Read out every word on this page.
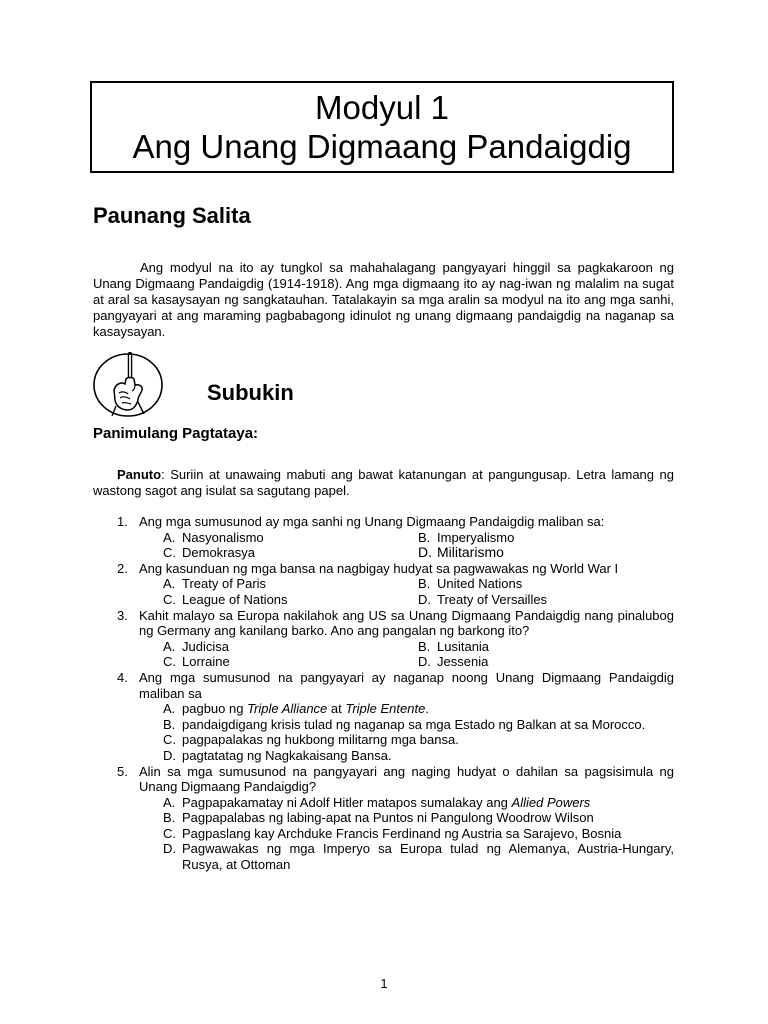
Modyul 1
Ang Unang Digmaang Pandaigdig
Paunang Salita

Ang modyul na ito ay tungkol sa mahahalagang pangyayari hinggil sa pagkakaroon ng Unang Digmaang Pandaigdig (1914-1918). Ang mga digmaang ito ay nag-iwan ng malalim na sugat at aral sa kasaysayan ng sangkatauhan. Tatalakayin sa mga aralin sa modyul na ito ang mga sanhi, pangyayari at ang maraming pagbabagong idinulot ng unang digmaang pandaigdig na naganap sa kasaysayan.

Subukin
Panimulang Pagtataya:

Panuto: Suriin at unawaing mabuti ang bawat katanungan at pangungusap. Letra lamang ng wastong sagot ang isulat sa sagutang papel.

1. Ang mga sumusunod ay mga sanhi ng Unang Digmaang Pandaigdig maliban sa:
A. Nasyonalismo	B. Imperyalismo
C. Demokrasya	D. Militarismo
2. Ang kasunduan ng mga bansa na nagbigay hudyat sa pagwawakas ng World War I
A. Treaty of Paris	B. United Nations
C. League of Nations	D. Treaty of Versailles
3. Kahit malayo sa Europa nakilahok ang US sa Unang Digmaang Pandaigdig nang pinalubog ng Germany ang kanilang barko. Ano ang pangalan ng barkong ito?
A. Judicisa	B. Lusitania
C. Lorraine	D. Jessenia
4. Ang mga sumusunod na pangyayari ay naganap noong Unang Digmaang Pandaigdig maliban sa
A. pagbuo ng Triple Alliance at Triple Entente.
B. pandaigdigang krisis tulad ng naganap sa mga Estado ng Balkan at sa Morocco.
C. pagpapalakas ng hukbong militarng mga bansa.
D. pagtatatag ng Nagkakaisang Bansa.
5. Alin sa mga sumusunod na pangyayari ang naging hudyat o dahilan sa pagsisimula ng Unang Digmaang Pandaigdig?
A. Pagpapakamatay ni Adolf Hitler matapos sumalakay ang Allied Powers
B. Pagpapalabas ng labing-apat na Puntos ni Pangulong Woodrow Wilson
C. Pagpaslang kay Archduke Francis Ferdinand ng Austria sa Sarajevo, Bosnia
D. Pagwawakas ng mga Imperyo sa Europa tulad ng Alemanya, Austria-Hungary,    Rusya, at Ottoman
1
